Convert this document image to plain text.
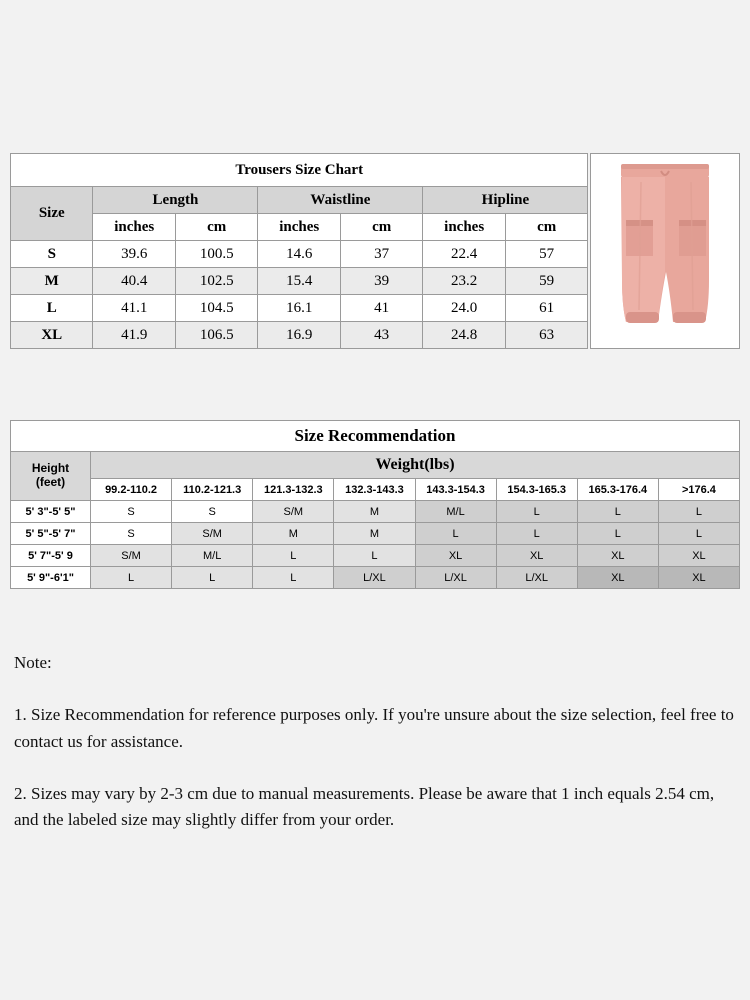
Trousers Size Chart						
Size	Length		Waistline		Hipline	
	inches	cm	inches	cm	inches	cm
S	39.6	100.5	14.6	37	22.4	57
M	40.4	102.5	15.4	39	23.2	59
L	41.1	104.5	16.1	41	24.0	61
XL	41.9	106.5	16.9	43	24.8	63
Size Recommendation								
Height
(feet)	Weight(lbs)							
	99.2-110.2	110.2-121.3	121.3-132.3	132.3-143.3	143.3-154.3	154.3-165.3	165.3-176.4	>176.4
5' 3"-5' 5"	S	S	S/M	M	M/L	L	L	L
5' 5"-5' 7"	S	S/M	M	M	L	L	L	L
5' 7"-5' 9	S/M	M/L	L	L	XL	XL	XL	XL
5' 9"-6'1"	L	L	L	L/XL	L/XL	L/XL	XL	XL
Note:

1. Size Recommendation for reference purposes only. If you're unsure about the size selection, feel free to contact us for assistance.

2. Sizes may vary by 2-3 cm due to manual measurements. Please be aware that 1 inch equals 2.54 cm, and the labeled size may slightly differ from your order.
